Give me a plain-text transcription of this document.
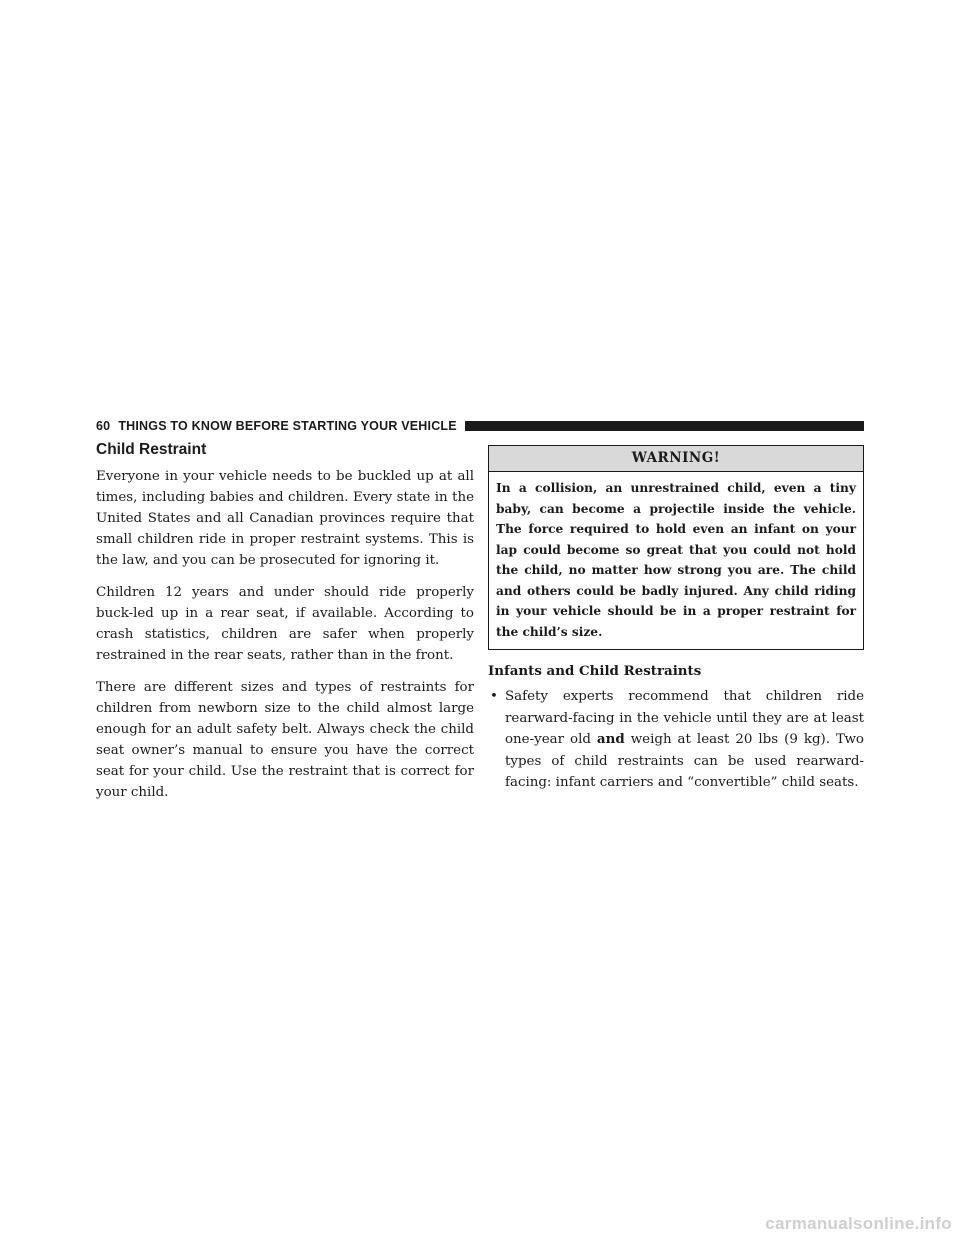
60 THINGS TO KNOW BEFORE STARTING YOUR VEHICLE
Child Restraint

Everyone in your vehicle needs to be buckled up at all times, including babies and children. Every state in the United States and all Canadian provinces require that small children ride in proper restraint systems. This is the law, and you can be prosecuted for ignoring it.

Children 12 years and under should ride properly buck-led up in a rear seat, if available. According to crash statistics, children are safer when properly restrained in the rear seats, rather than in the front.

There are different sizes and types of restraints for children from newborn size to the child almost large enough for an adult safety belt. Always check the child seat owner’s manual to ensure you have the correct seat for your child. Use the restraint that is correct for your child.

WARNING!

In a collision, an unrestrained child, even a tiny baby, can become a projectile inside the vehicle. The force required to hold even an infant on your lap could become so great that you could not hold the child, no matter how strong you are. The child and others could be badly injured. Any child riding in your vehicle should be in a proper restraint for the child’s size.

Infants and Child Restraints
• Safety experts recommend that children ride rearward-facing in the vehicle until they are at least one-year old and weigh at least 20 lbs (9 kg). Two types of child restraints can be used rearward-facing: infant carriers and “convertible” child seats.
carmanualsonline.info
